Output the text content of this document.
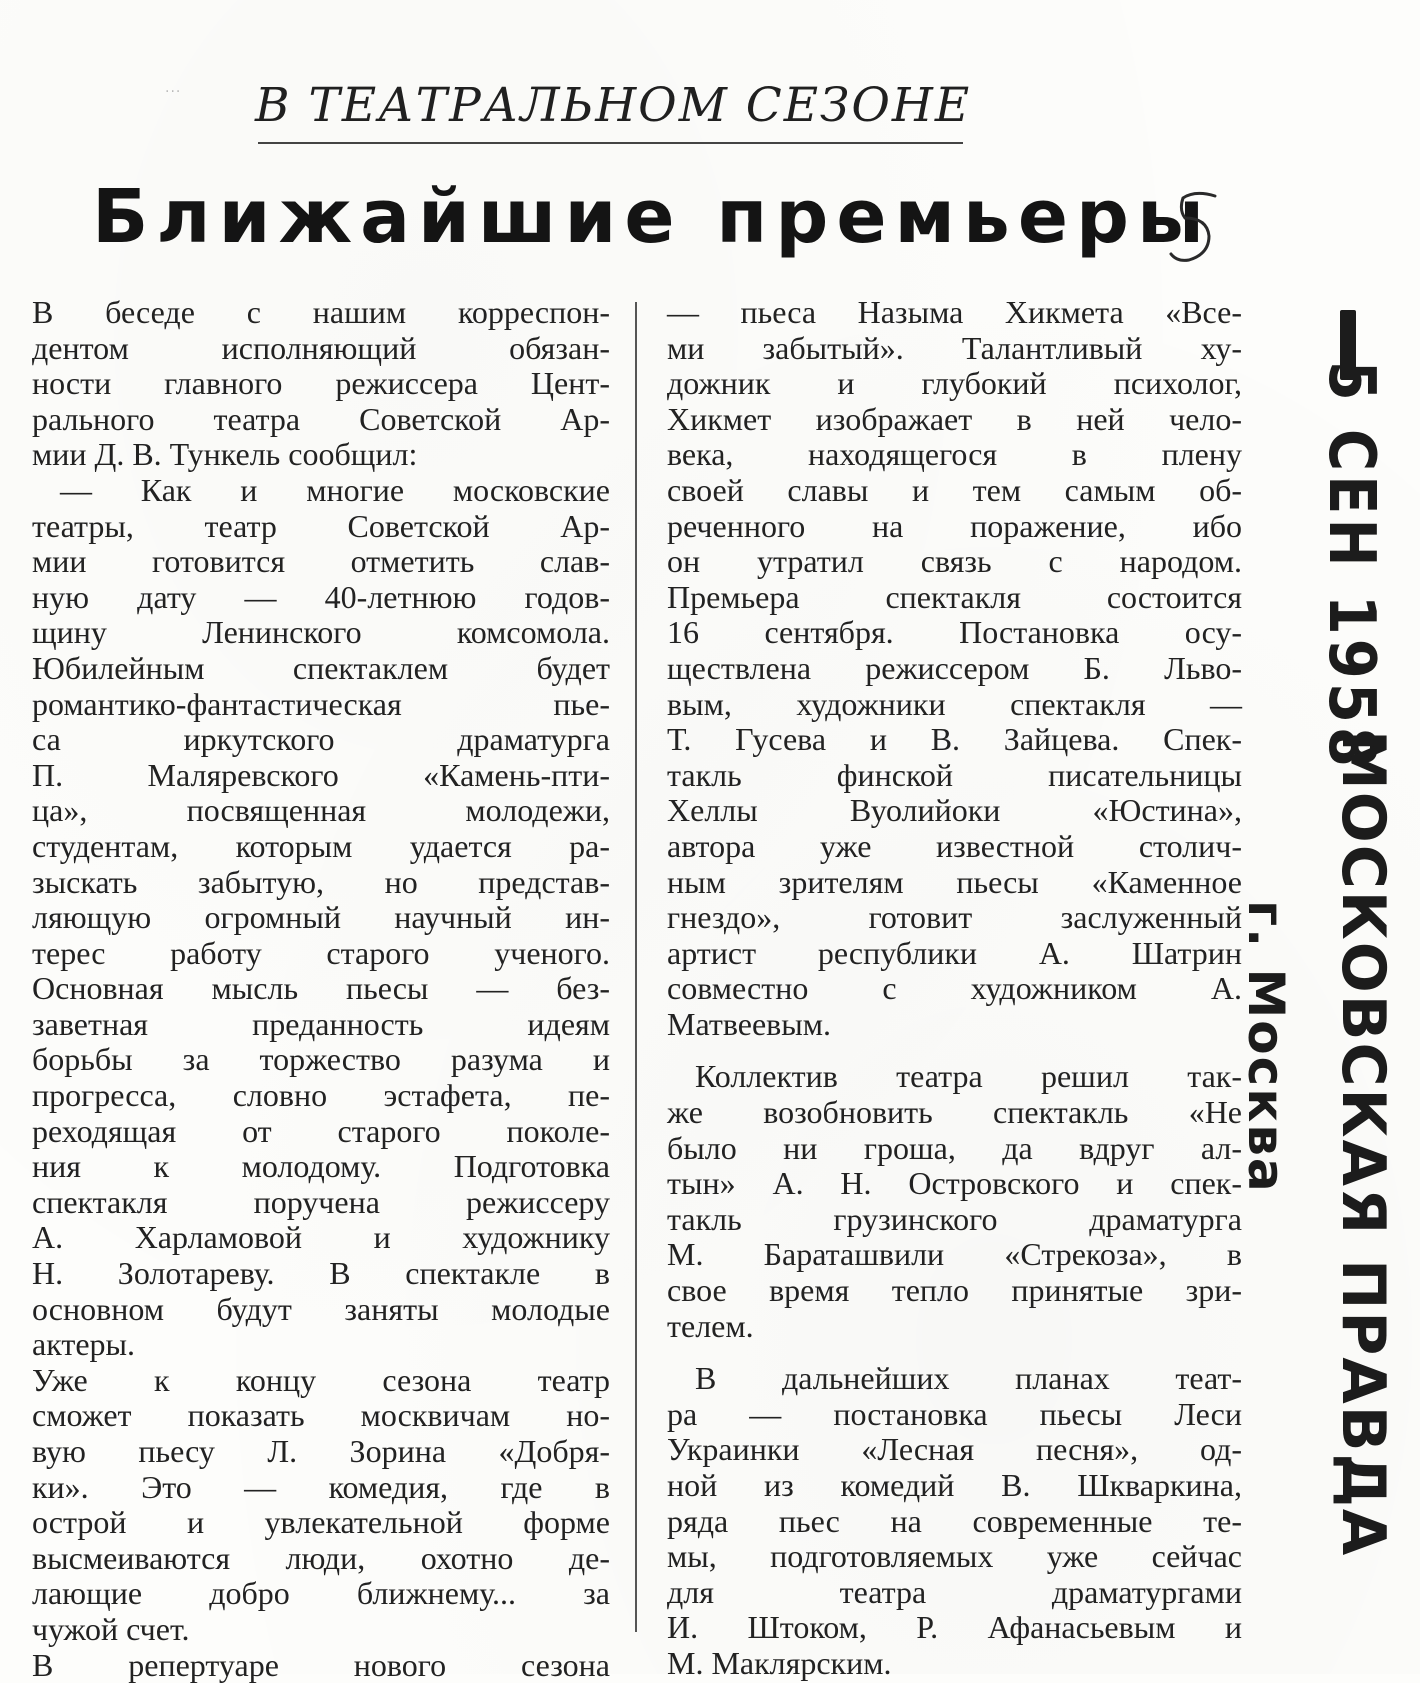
... В ТЕАТРАЛЬНОМ СЕЗОНЕ
Ближайшие премьеры
В беседе с нашим корреспон-
дентом исполняющий обязан-
ности главного режиссера Цент-
рального театра Советской Ар-
мии Д. В. Тункель сообщил:
— Как и многие московские
театры, театр Советской Ар-
мии готовится отметить слав-
ную дату — 40-летнюю годов-
щину Ленинского комсомола.
Юбилейным спектаклем будет
романтико-фантастическая пье-
са иркутского драматурга
П. Маляревского «Камень-пти-
ца», посвященная молодежи,
студентам, которым удается ра-
зыскать забытую, но представ-
ляющую огромный научный ин-
терес работу старого ученого.
Основная мысль пьесы — без-
заветная преданность идеям
борьбы за торжество разума и
прогресса, словно эстафета, пе-
реходящая от старого поколе-
ния к молодому. Подготовка
спектакля поручена режиссеру
А. Харламовой и художнику
Н. Золотареву. В спектакле в
основном будут заняты молодые
актеры.
Уже к концу сезона театр
сможет показать москвичам но-
вую пьесу Л. Зорина «Добря-
ки». Это — комедия, где в
острой и увлекательной форме
высмеиваются люди, охотно де-
лающие добро ближнему... за
чужой счет.
В репертуаре нового сезона
— пьеса Назыма Хикмета «Все-
ми забытый». Талантливый ху-
дожник и глубокий психолог,
Хикмет изображает в ней чело-
века, находящегося в плену
своей славы и тем самым об-
реченного на поражение, ибо
он утратил связь с народом.
Премьера спектакля состоится
16 сентября. Постановка осу-
ществлена режиссером Б. Льво-
вым, художники спектакля —
Т. Гусева и В. Зайцева. Спек-
такль финской писательницы
Хеллы Вуолийоки «Юстина»,
автора уже известной столич-
ным зрителям пьесы «Каменное
гнездо», готовит заслуженный
артист республики А. Шатрин
совместно с художником А.
Матвеевым.
Коллектив театра решил так-
же возобновить спектакль «Не
было ни гроша, да вдруг ал-
тын» А. Н. Островского и спек-
такль грузинского драматурга
М. Бараташвили «Стрекоза», в
свое время тепло принятые зри-
телем.
В дальнейших планах теат-
ра — постановка пьесы Леси
Украинки «Лесная песня», од-
ной из комедий В. Шкваркина,
ряда пьес на современные те-
мы, подготовляемых уже сейчас
для театра драматургами
И. Штоком, Р. Афанасьевым и
М. Маклярским.
–5 СЕН 1958
МОСКОВСКАЯ ПРАВДА
г. Москва
